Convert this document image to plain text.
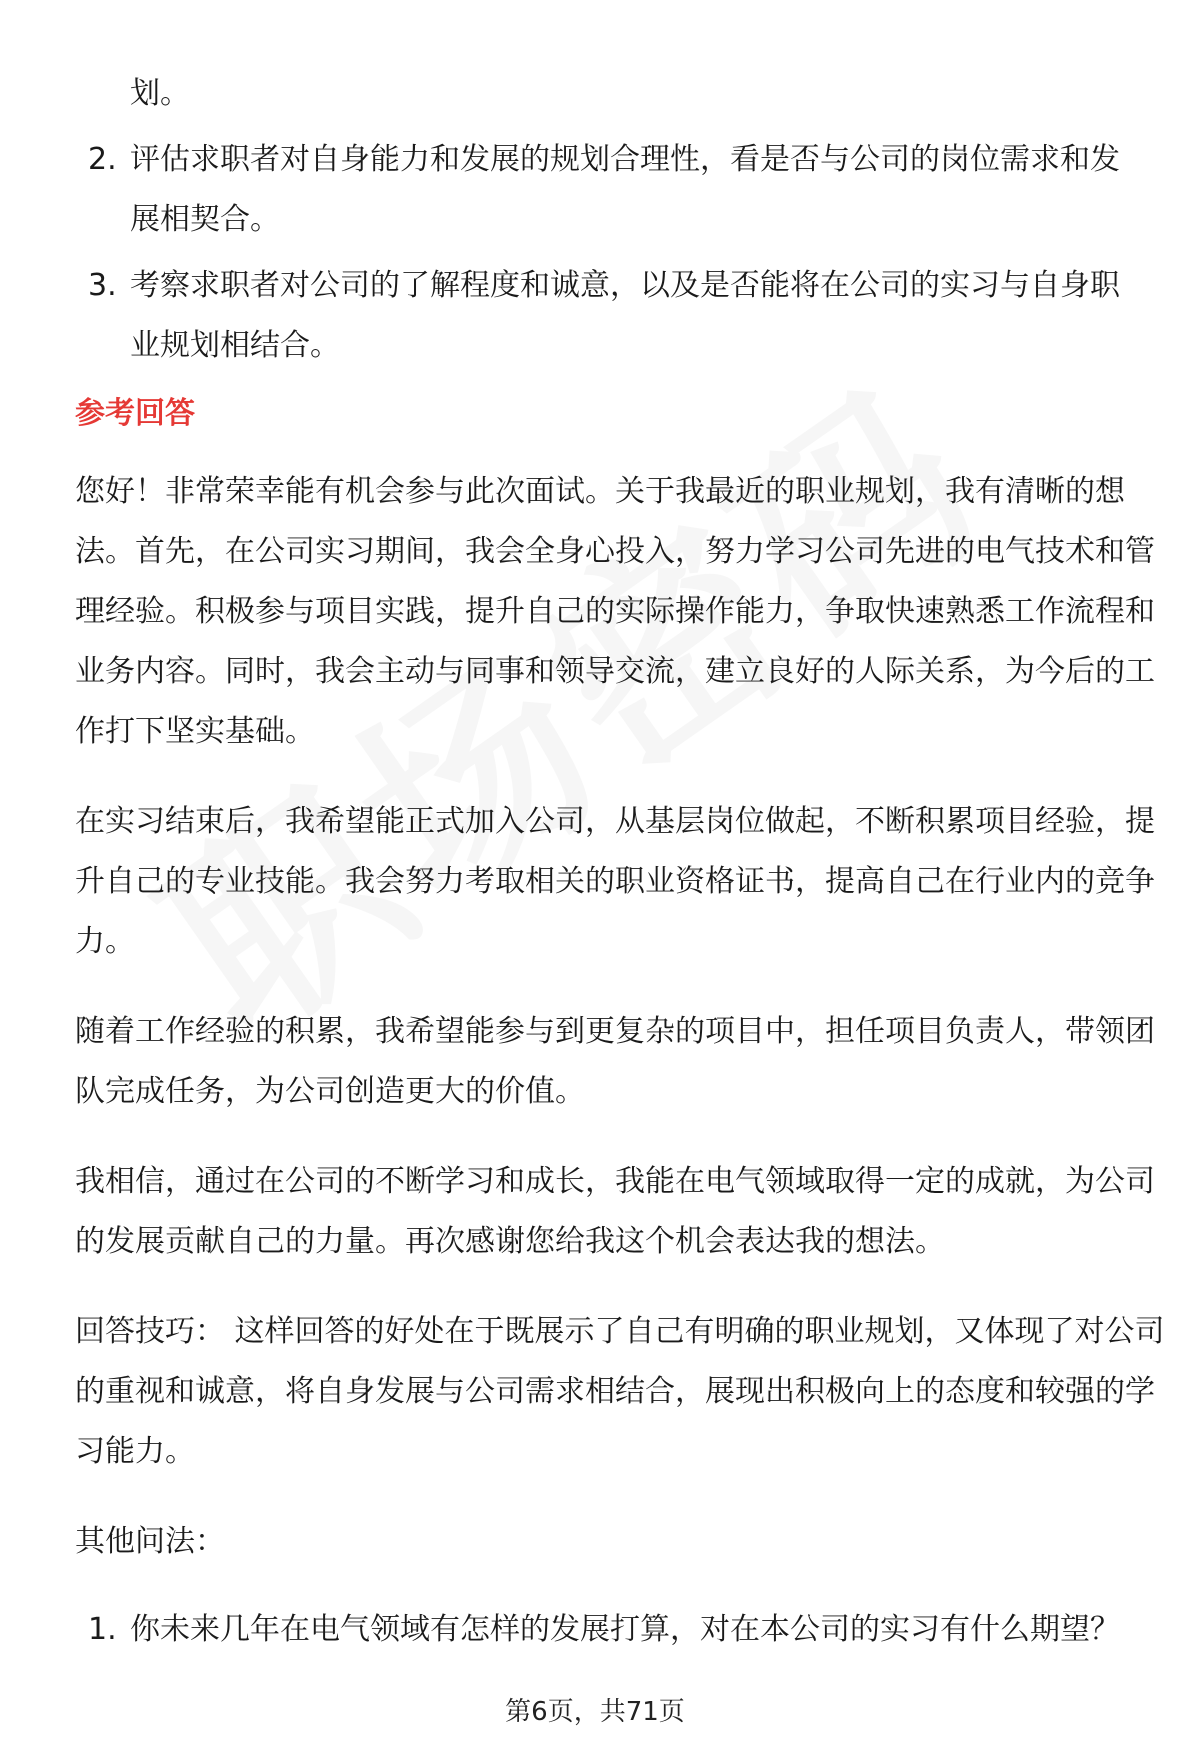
划。
2. 评估求职者对自身能力和发展的规划合理性，看是否与公司的岗位需求和发展相契合。
3. 考察求职者对公司的了解程度和诚意，以及是否能将在公司的实习与自身职业规划相结合。
参考回答

您好！非常荣幸能有机会参与此次面试。关于我最近的职业规划，我有清晰的想法。首先，在公司实习期间，我会全身心投入，努力学习公司先进的电气技术和管理经验。积极参与项目实践，提升自己的实际操作能力，争取快速熟悉工作流程和业务内容。同时，我会主动与同事和领导交流，建立良好的人际关系，为今后的工作打下坚实基础。

在实习结束后，我希望能正式加入公司，从基层岗位做起，不断积累项目经验，提升自己的专业技能。我会努力考取相关的职业资格证书，提高自己在行业内的竞争力。

随着工作经验的积累，我希望能参与到更复杂的项目中，担任项目负责人，带领团队完成任务，为公司创造更大的价值。

我相信，通过在公司的不断学习和成长，我能在电气领域取得一定的成就，为公司的发展贡献自己的力量。再次感谢您给我这个机会表达我的想法。

回答技巧： 这样回答的好处在于既展示了自己有明确的职业规划，又体现了对公司的重视和诚意，将自身发展与公司需求相结合，展现出积极向上的态度和较强的学习能力。

其他问法：

1. 你未来几年在电气领域有怎样的发展打算，对在本公司的实习有什么期望？
第6页，共71页
